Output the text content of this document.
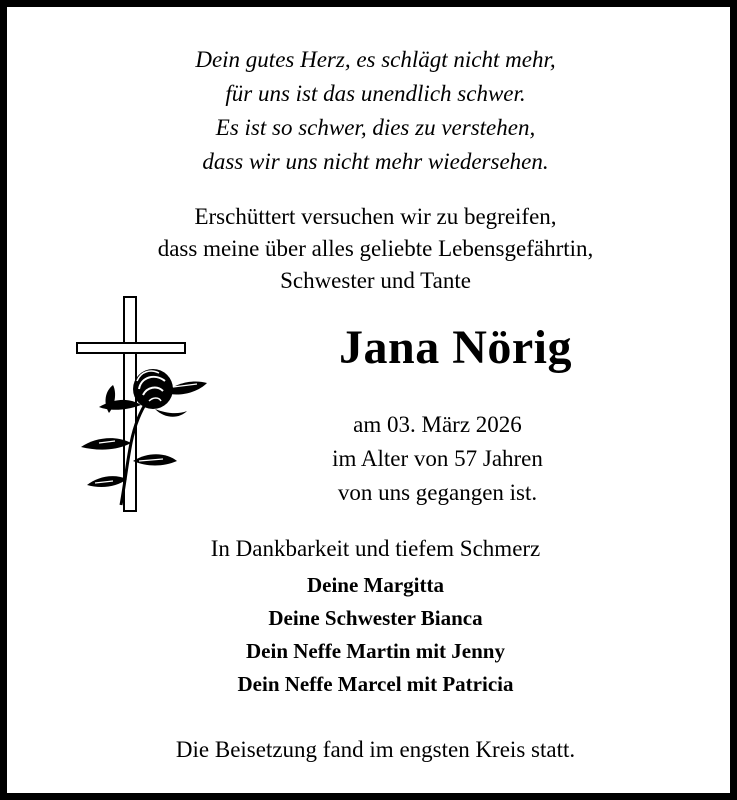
Dein gutes Herz, es schlägt nicht mehr,
für uns ist das unendlich schwer.
Es ist so schwer, dies zu verstehen,
dass wir uns nicht mehr wiedersehen.
Erschüttert versuchen wir zu begreifen,
dass meine über alles geliebte Lebensgefährtin,
Schwester und Tante
Jana Nörig
am 03. März 2026
im Alter von 57 Jahren
von uns gegangen ist.
In Dankbarkeit und tiefem Schmerz
Deine Margitta
Deine Schwester Bianca
Dein Neffe Martin mit Jenny
Dein Neffe Marcel mit Patricia
Die Beisetzung fand im engsten Kreis statt.
